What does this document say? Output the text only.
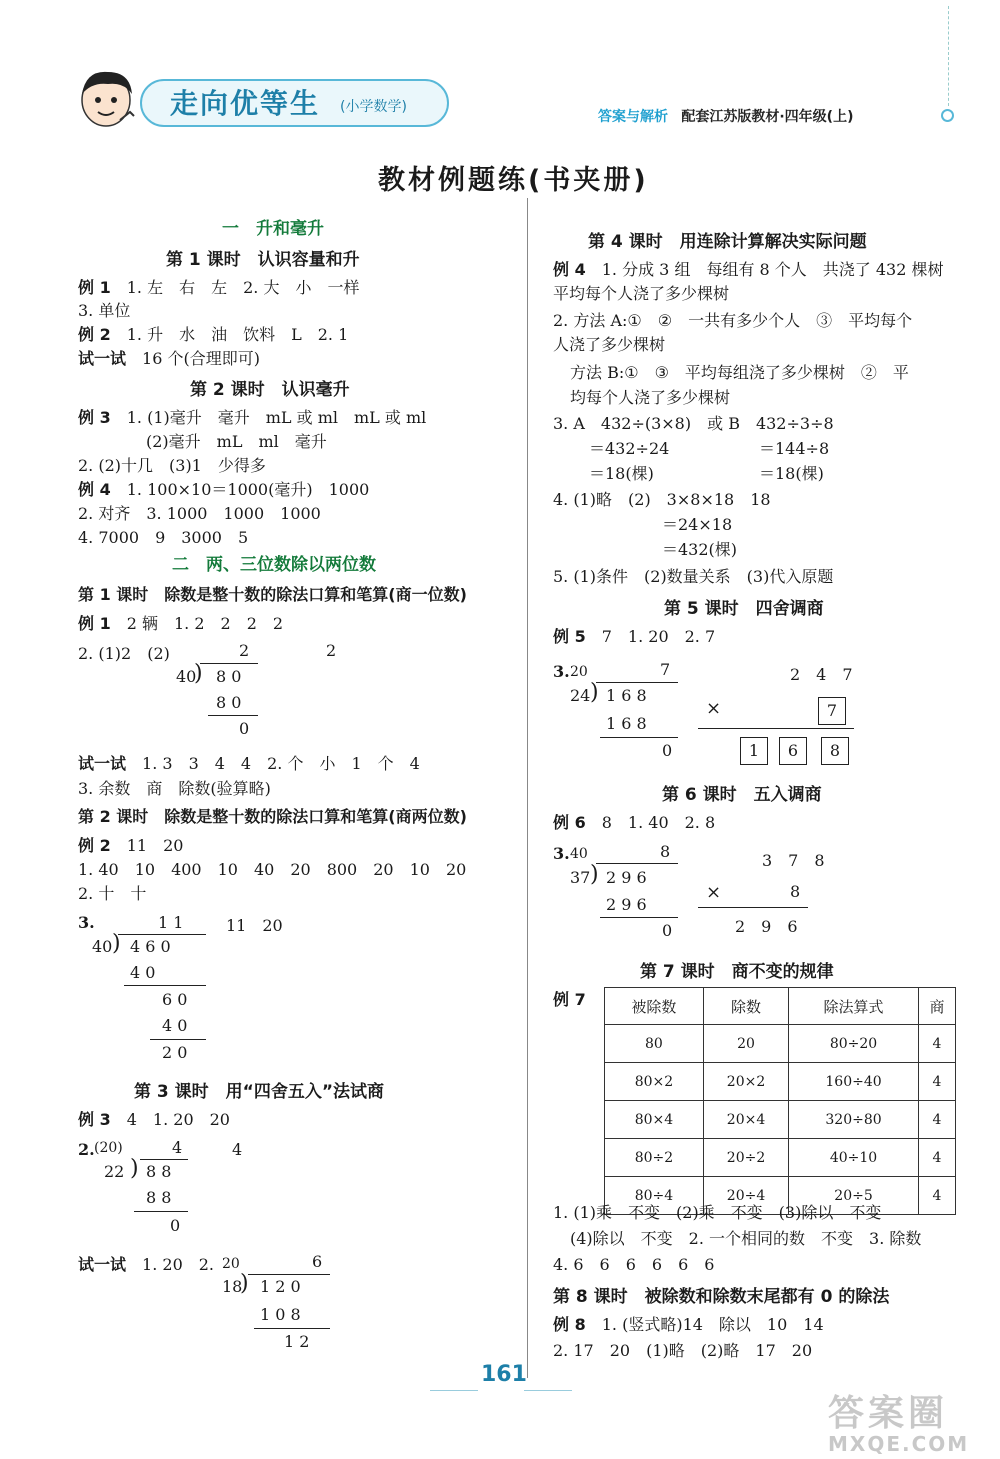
走向优等生 (小学数学)
答案与解析 配套江苏版教材·四年级(上)
教材例题练(书夹册)
一　升和毫升
第 1 课时　认识容量和升
例 1　 1. 左　右　左　2. 大　小　一样
3. 单位
例 2　 1. 升　水　油　饮料　L　2. 1
试一试　 16 个(合理即可)
第 2 课时　认识毫升
例 3　 1. (1)毫升　毫升　mL 或 ml　mL 或 ml
(2)毫升　mL　ml　毫升
2. (2)十几　(3)1　少得多
例 4　 1. 100×10＝1000(毫升)　1000
2. 对齐　3. 1000　1000　1000
4. 7000　9　3000　5
二　两、三位数除以两位数
第 1 课时　除数是整十数的除法口算和笔算(商一位数)
例 1　 2 辆　1. 2　2　2　2
2. (1)2　(2)	2	2
40
) 8 0
8 0
0
试一试　 1. 3　3　4　4　2. 个　小　1　个　4
3. 余数　商　除数(验算略)
第 2 课时　除数是整十数的除法口算和笔算(商两位数)
例 2　 11　20
1. 40　10　400　10　40　20　800　20　10　20
2. 十　十
3.	1 1	11　20
40 ) 4 6 0
4 0
6 0
4 0
2 0
第 3 课时　用“四舍五入”法试商
例 3　 4　1. 20　20
2. (20)	4	4
22 ) 8 8
8 8
0
试一试　 1. 20　2. 20	6
18
) 1 2 0
1 0 8
1 2
第 4 课时　用连除计算解决实际问题
例 4　 1. 分成 3 组　每组有 8 个人　共浇了 432 棵树
平均每个人浇了多少棵树
2. 方法 A:①　②　一共有多少个人　③　平均每个
人浇了多少棵树
方法 B:①　③　平均每组浇了多少棵树　②　平
均每个人浇了多少棵树
3. A　432÷(3×8)　或 B　432÷3÷8
＝432÷24	＝144÷8
＝18(棵)	＝18(棵)
4. (1)略　(2)　3×8×18　18
＝24×18
＝432(棵)
5. (1)条件　(2)数量关系　(3)代入原题
第 5 课时　四舍调商
例 5　 7　1. 20　2. 7
3. 20	7
24 ) 1 6 8
1 6 8
0
2　4　7
×	7
1	6	8
第 6 课时　五入调商
例 6　 8　1. 40　2. 8
3. 40	8
37 ) 2 9 6
2 9 6
0
3　7　8
×	8
2　9　6
第 7 课时　商不变的规律
例 7	被除数	除数	除法算式	商
80	20	80÷20	4
80×2	20×2	160÷40	4
80×4	20×4	320÷80	4
80÷2	20÷2	40÷10	4
80÷4	20÷4	20÷5	4
1. (1)乘　不变　(2)乘　不变　(3)除以　不变
(4)除以　不变　2. 一个相同的数　不变　3. 除数
4. 6　6　6　6　6　6
第 8 课时　被除数和除数末尾都有 0 的除法
例 8　 1. (竖式略)14　除以　10　14
2. 17　20　(1)略　(2)略　17　20
161
答案圈
MXQE.COM
